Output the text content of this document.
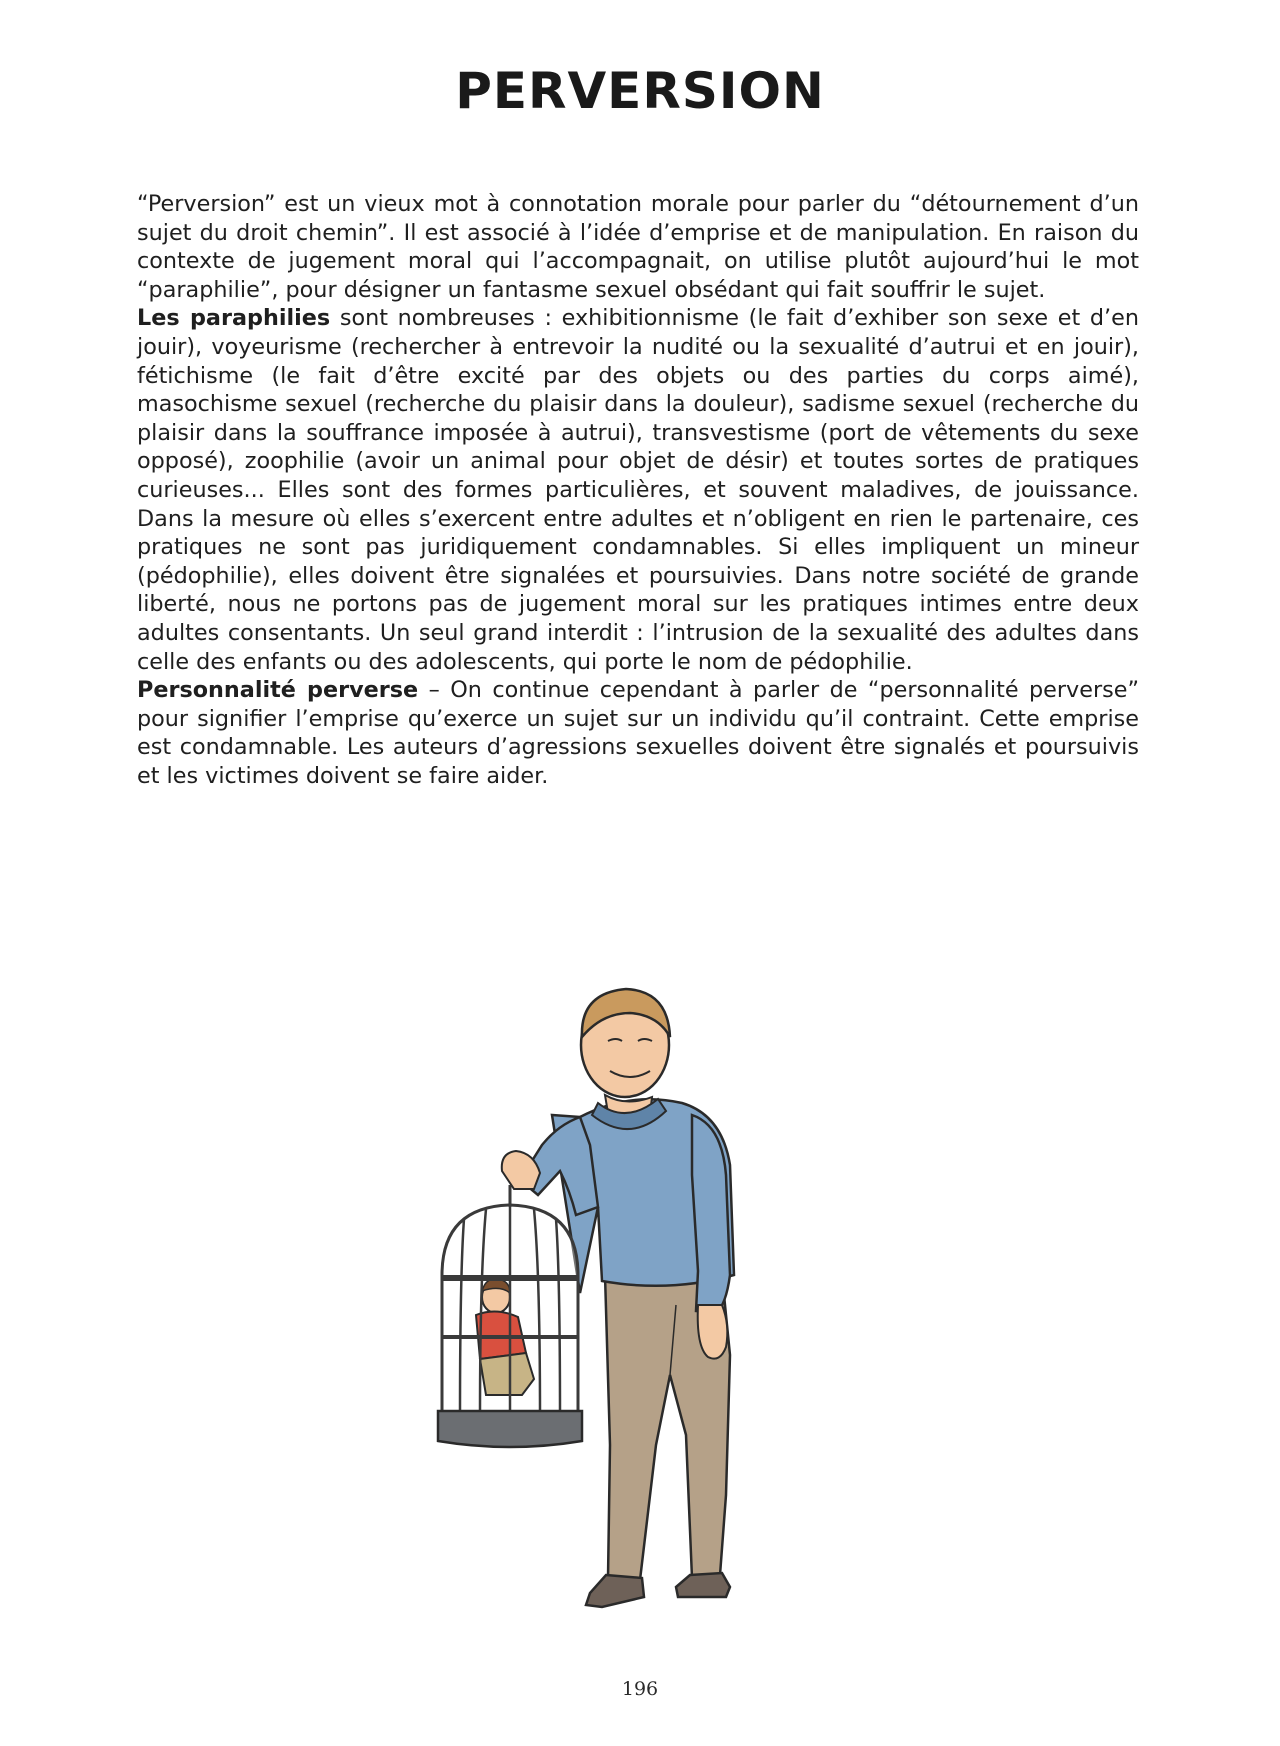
PERVERSION

“Perversion” est un vieux mot à connotation morale pour parler du “détournement d’un sujet du droit chemin”. Il est associé à l’idée d’emprise et de manipulation. En raison du contexte de jugement moral qui l’accompagnait, on utilise plutôt aujourd’hui le mot “paraphilie”, pour désigner un fantasme sexuel obsédant qui fait souffrir le sujet.

Les paraphilies sont nombreuses : exhibitionnisme (le fait d’exhiber son sexe et d’en jouir), voyeurisme (rechercher à entrevoir la nudité ou la sexualité d’autrui et en jouir), fétichisme (le fait d’être excité par des objets ou des parties du corps aimé), masochisme sexuel (recherche du plaisir dans la douleur), sadisme sexuel (recherche du plaisir dans la souffrance imposée à autrui), transvestisme (port de vêtements du sexe opposé), zoophilie (avoir un animal pour objet de désir) et toutes sortes de pratiques curieuses... Elles sont des formes particulières, et souvent maladives, de jouissance. Dans la mesure où elles s’exercent entre adultes et n’obligent en rien le partenaire, ces pratiques ne sont pas juridiquement condamnables. Si elles impliquent un mineur (pédophilie), elles doivent être signalées et poursuivies. Dans notre société de grande liberté, nous ne portons pas de jugement moral sur les pratiques intimes entre deux adultes consentants. Un seul grand interdit : l’intrusion de la sexualité des adultes dans celle des enfants ou des adolescents, qui porte le nom de pédophilie.

Personnalité perverse – On continue cependant à parler de “personnalité perverse” pour signifier l’emprise qu’exerce un sujet sur un individu qu’il contraint. Cette emprise est condamnable. Les auteurs d’agressions sexuelles doivent être signalés et poursuivis et les victimes doivent se faire aider.

196
